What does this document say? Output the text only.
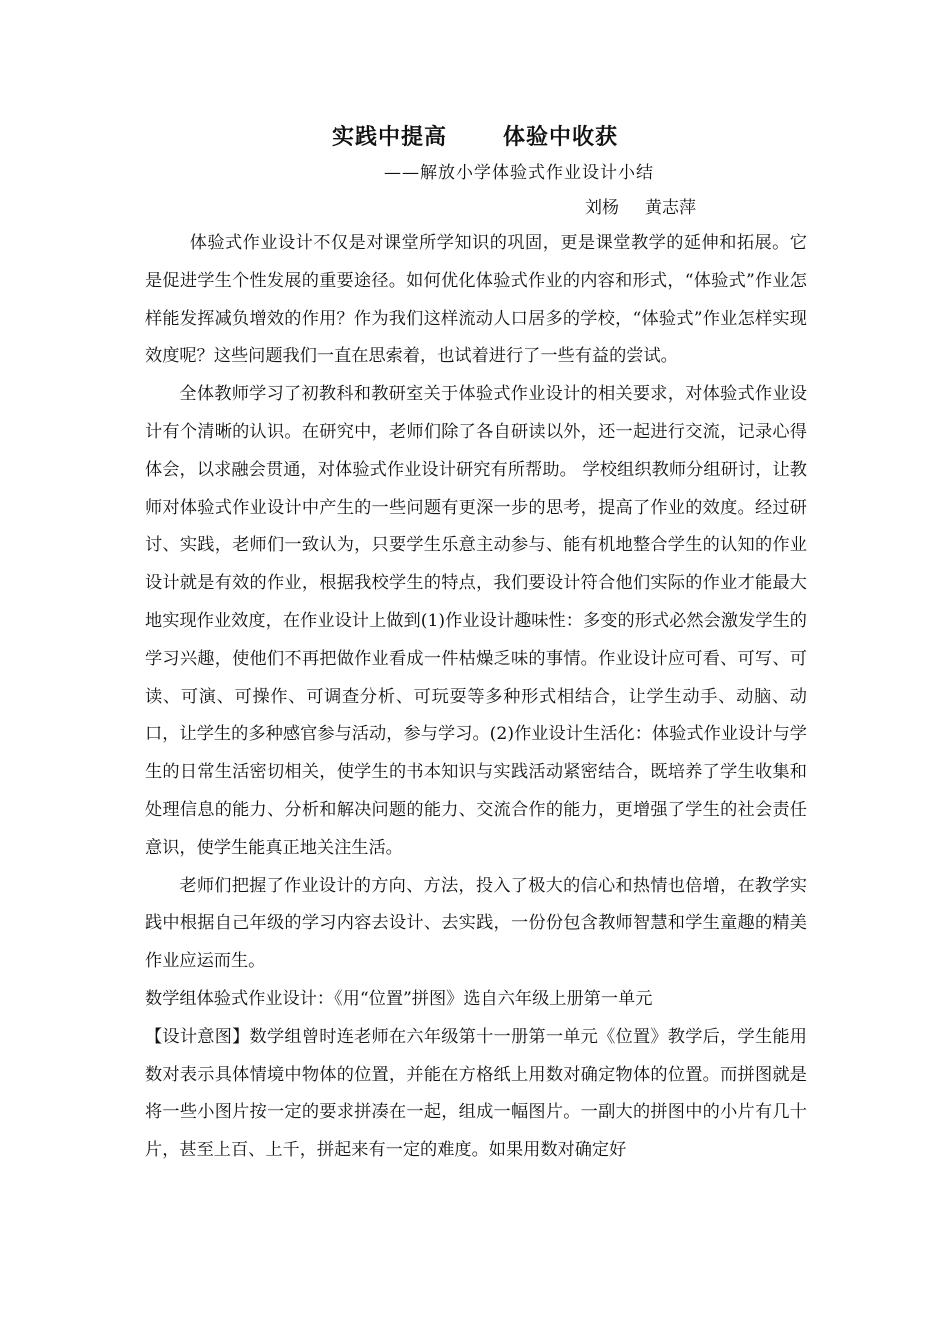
实践中提高	体验中收获
——解放小学体验式作业设计小结
刘杨 黄志萍

体验式作业设计不仅是对课堂所学知识的巩固，更是课堂教学的延伸和拓展。它是促进学生个性发展的重要途径。如何优化体验式作业的内容和形式，“体验式”作业怎样能发挥减负增效的作用？作为我们这样流动人口居多的学校，“体验式”作业怎样实现效度呢？这些问题我们一直在思索着，也试着进行了一些有益的尝试。

全体教师学习了初教科和教研室关于体验式作业设计的相关要求，对体验式作业设计有个清晰的认识。在研究中，老师们除了各自研读以外，还一起进行交流，记录心得体会，以求融会贯通，对体验式作业设计研究有所帮助。 学校组织教师分组研讨，让教师对体验式作业设计中产生的一些问题有更深一步的思考，提高了作业的效度。经过研讨、实践，老师们一致认为，只要学生乐意主动参与、能有机地整合学生的认知的作业设计就是有效的作业，根据我校学生的特点，我们要设计符合他们实际的作业才能最大地实现作业效度，在作业设计上做到(1)作业设计趣味性：多变的形式必然会激发学生的学习兴趣，使他们不再把做作业看成一件枯燥乏味的事情。作业设计应可看、可写、可读、可演、可操作、可调查分析、可玩耍等多种形式相结合，让学生动手、动脑、动口，让学生的多种感官参与活动，参与学习。(2)作业设计生活化：体验式作业设计与学生的日常生活密切相关，使学生的书本知识与实践活动紧密结合，既培养了学生收集和处理信息的能力、分析和解决问题的能力、交流合作的能力，更增强了学生的社会责任意识，使学生能真正地关注生活。

老师们把握了作业设计的方向、方法，投入了极大的信心和热情也倍增，在教学实践中根据自己年级的学习内容去设计、去实践，一份份包含教师智慧和学生童趣的精美作业应运而生。

数学组体验式作业设计：《用“位置”拼图》选自六年级上册第一单元

【设计意图】数学组曾时连老师在六年级第十一册第一单元《位置》教学后，学生能用数对表示具体情境中物体的位置，并能在方格纸上用数对确定物体的位置。而拼图就是将一些小图片按一定的要求拼凑在一起，组成一幅图片。一副大的拼图中的小片有几十片，甚至上百、上千，拼起来有一定的难度。如果用数对确定好
